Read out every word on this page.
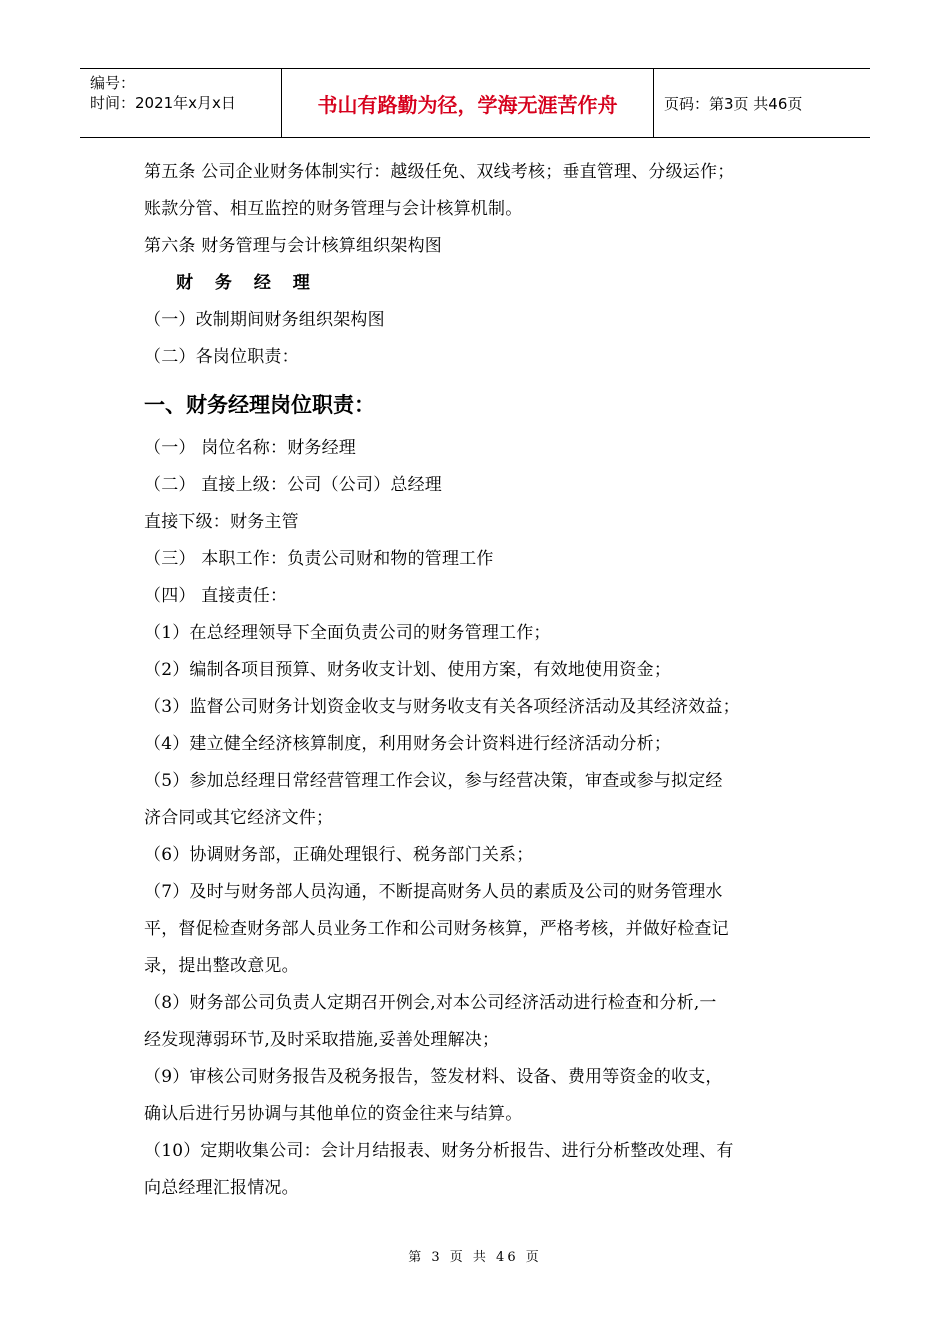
编号：
时间：2021年x月x日	书山有路勤为径，学海无涯苦作舟	页码：第3页 共46页
第五条 公司企业财务体制实行：越级任免、双线考核；垂直管理、分级运作；
账款分管、相互监控的财务管理与会计核算机制。
第六条 财务管理与会计核算组织架构图
财 务 经 理
（一）改制期间财务组织架构图
（二）各岗位职责：
一、财务经理岗位职责：
（一） 岗位名称：财务经理
（二） 直接上级：公司（公司）总经理
直接下级：财务主管
（三） 本职工作：负责公司财和物的管理工作
（四） 直接责任：
（1）在总经理领导下全面负责公司的财务管理工作；
（2）编制各项目预算、财务收支计划、使用方案，有效地使用资金；
（3）监督公司财务计划资金收支与财务收支有关各项经济活动及其经济效益；
（4）建立健全经济核算制度，利用财务会计资料进行经济活动分析；
（5）参加总经理日常经营管理工作会议，参与经营决策，审查或参与拟定经
济合同或其它经济文件；
（6）协调财务部，正确处理银行、税务部门关系；
（7）及时与财务部人员沟通，不断提高财务人员的素质及公司的财务管理水
平，督促检查财务部人员业务工作和公司财务核算，严格考核，并做好检查记
录，提出整改意见。
（8）财务部公司负责人定期召开例会,对本公司经济活动进行检查和分析,一
经发现薄弱环节,及时采取措施,妥善处理解决；
（9）审核公司财务报告及税务报告，签发材料、设备、费用等资金的收支，
确认后进行另协调与其他单位的资金往来与结算。
（10）定期收集公司：会计月结报表、财务分析报告、进行分析整改处理、有
向总经理汇报情况。
第 3 页 共 46 页
